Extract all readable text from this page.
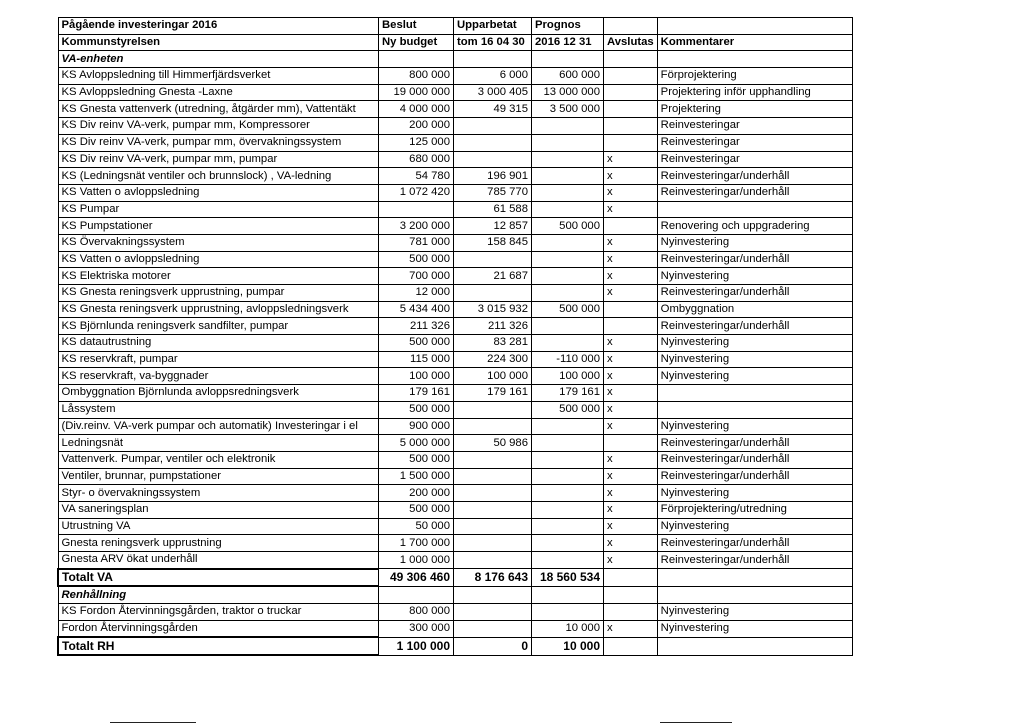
Pågående investeringar 2016	Beslut	Upparbetat	Prognos		
Kommunstyrelsen	Ny budget	tom 16 04 30	2016 12 31	Avslutas	Kommentarer
VA-enheten					
KS Avloppsledning till Himmerfjärdsverket	800 000	6 000	600 000		Förprojektering
KS Avloppsledning Gnesta -Laxne	19 000 000	3 000 405	13 000 000		Projektering inför upphandling
KS Gnesta vattenverk (utredning, åtgärder mm), Vattentäkt	4 000 000	49 315	3 500 000		Projektering
KS Div reinv VA-verk, pumpar mm, Kompressorer	200 000				Reinvesteringar
KS Div reinv VA-verk, pumpar mm, övervakningssystem	125 000				Reinvesteringar
KS Div reinv VA-verk, pumpar mm, pumpar	680 000			x	Reinvesteringar
KS (Ledningsnät ventiler och brunnslock) , VA-ledning	54 780	196 901		x	Reinvesteringar/underhåll
KS Vatten o avloppsledning	1 072 420	785 770		x	Reinvesteringar/underhåll
KS Pumpar		61 588		x	
KS Pumpstationer	3 200 000	12 857	500 000		Renovering och uppgradering
KS Övervakningssystem	781 000	158 845		x	Nyinvestering
KS Vatten o avloppsledning	500 000			x	Reinvesteringar/underhåll
KS Elektriska motorer	700 000	21 687		x	Nyinvestering
KS Gnesta reningsverk upprustning, pumpar	12 000			x	Reinvesteringar/underhåll
KS Gnesta reningsverk upprustning, avloppsledningsverk	5 434 400	3 015 932	500 000		Ombyggnation
KS Björnlunda reningsverk sandfilter, pumpar	211 326	211 326			Reinvesteringar/underhåll
KS datautrustning	500 000	83 281		x	Nyinvestering
KS reservkraft, pumpar	115 000	224 300	-110 000	x	Nyinvestering
KS reservkraft, va-byggnader	100 000	100 000	100 000	x	Nyinvestering
Ombyggnation Björnlunda avloppsredningsverk	179 161	179 161	179 161	x	
Låssystem	500 000		500 000	x	
(Div.reinv. VA-verk pumpar och automatik) Investeringar i el	900 000			x	Nyinvestering
Ledningsnät	5 000 000	50 986			Reinvesteringar/underhåll
Vattenverk. Pumpar, ventiler och elektronik	500 000			x	Reinvesteringar/underhåll
Ventiler, brunnar, pumpstationer	1 500 000			x	Reinvesteringar/underhåll
Styr- o övervakningssystem	200 000			x	Nyinvestering
VA saneringsplan	500 000			x	Förprojektering/utredning
Utrustning VA	50 000			x	Nyinvestering
Gnesta reningsverk upprustning	1 700 000			x	Reinvesteringar/underhåll
Gnesta ARV ökat underhåll	1 000 000			x	Reinvesteringar/underhåll
Totalt VA	49 306 460	8 176 643	18 560 534		
Renhållning					
KS Fordon Återvinningsgården, traktor o truckar	800 000				Nyinvestering
Fordon Återvinningsgården	300 000		10 000	x	Nyinvestering
Totalt RH	1 100 000	0	10 000		
